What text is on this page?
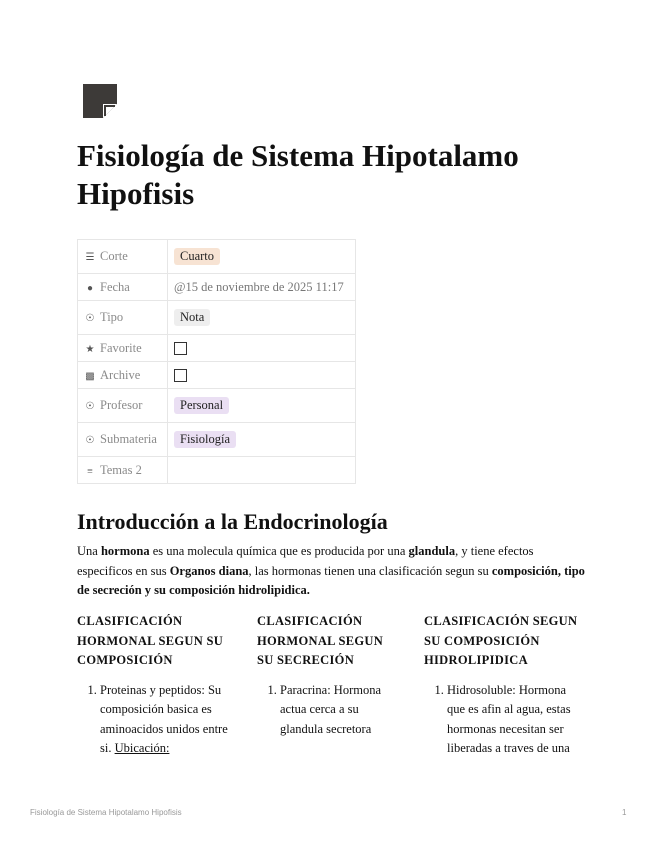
Fisiología de Sistema Hipotalamo Hipofisis
☰ Corte	Cuarto
● Fecha	@15 de noviembre de 2025 11:17
☉ Tipo	Nota
★ Favorite	
▩ Archive	
☉ Profesor	Personal
☉ Submateria	Fisiología
≡ Temas 2	
Introducción a la Endocrinología

Una hormona es una molecula química que es producida por una glandula, y tiene efectos especificos en sus Organos diana, las hormonas tienen una clasificación segun su composición, tipo de secreción y su composición hidrolipidica.

CLASIFICACIÓN HORMONAL SEGUN SU COMPOSICIÓN
1. Proteinas y peptidos: Su composición basica es aminoacidos unidos entre si. Ubicación:
CLASIFICACIÓN HORMONAL SEGUN SU SECRECIÓN
1. Paracrina: Hormona actua cerca a su glandula secretora
CLASIFICACIÓN SEGUN SU COMPOSICIÓN HIDROLIPIDICA
1. Hidrosoluble: Hormona que es afin al agua, estas hormonas necesitan ser liberadas a traves de una
Fisiología de Sistema Hipotalamo Hipofisis	1
